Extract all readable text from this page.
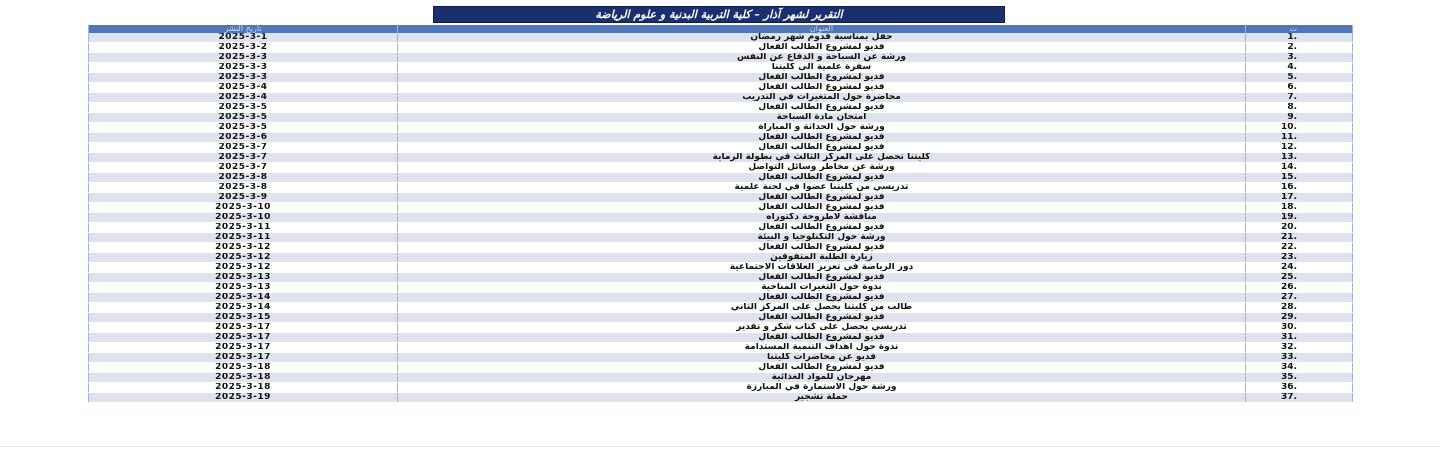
التقرير لشهر آذار – كلية التربية البدنية و علوم الرياضة
تاريخ النشر	العنوان	ت
2025-3-1	حفل بمناسبة قدوم شهر رمضان	.1
2025-3-2	فديو لمشروع الطالب الفعال	.2
2025-3-3	ورشة عن السباحة و الدفاع عن النفس	.3
2025-3-3	سفرة علمية الى كليتنا	.4
2025-3-3	فديو لمشروع الطالب الفعال	.5
2025-3-4	فديو لمشروع الطالب الفعال	.6
2025-3-4	محاضرة حول المتغيرات في التدريب	.7
2025-3-5	فديو لمشروع الطالب الفعال	.8
2025-3-5	امتحان مادة السباحة	.9
2025-3-5	ورشة حول الحداثة و المباراة	.10
2025-3-6	فديو لمشروع الطالب الفعال	.11
2025-3-7	فديو لمشروع الطالب الفعال	.12
2025-3-7	كليتنا تحصل على المركز الثالث في بطولة الرماية	.13
2025-3-7	ورشة عن مخاطر وسائل التواصل	.14
2025-3-8	فديو لمشروع الطالب الفعال	.15
2025-3-8	تدريسي من كليتنا عضوا في لجنة علمية	.16
2025-3-9	فديو لمشروع الطالب الفعال	.17
2025-3-10	فديو لمشروع الطالب الفعال	.18
2025-3-10	مناقشة لاطروحة دكتوراه	.19
2025-3-11	فديو لمشروع الطالب الفعال	.20
2025-3-11	ورشة حول التكنلوجيا و البيئة	.21
2025-3-12	فديو لمشروع الطالب الفعال	.22
2025-3-12	زيارة الطلبة المتفوقين	.23
2025-3-12	دور الرياضة في تعزيز العلاقات الاجتماعية	.24
2025-3-13	فديو لمشروع الطالب الفعال	.25
2025-3-13	ندوة حول التغيرات المناخية	.26
2025-3-14	فديو لمشروع الطالب الفعال	.27
2025-3-14	طالب من كليتنا يحصل على المركز الثاني	.28
2025-3-15	فديو لمشروع الطالب الفعال	.29
2025-3-17	تدريسي يحصل على كتاب شكر و تقدير	.30
2025-3-17	فديو لمشروع الطالب الفعال	.31
2025-3-17	ندوة حول اهداف التنمية المستدامة	.32
2025-3-17	فديو عن محاضرات كليتنا	.33
2025-3-18	فديو لمشروع الطالب الفعال	.34
2025-3-18	مهرجان للمواد الغذائية	.35
2025-3-18	ورشة حول الاستمارة في المبارزة	.36
2025-3-19	حملة تشجير	.37
